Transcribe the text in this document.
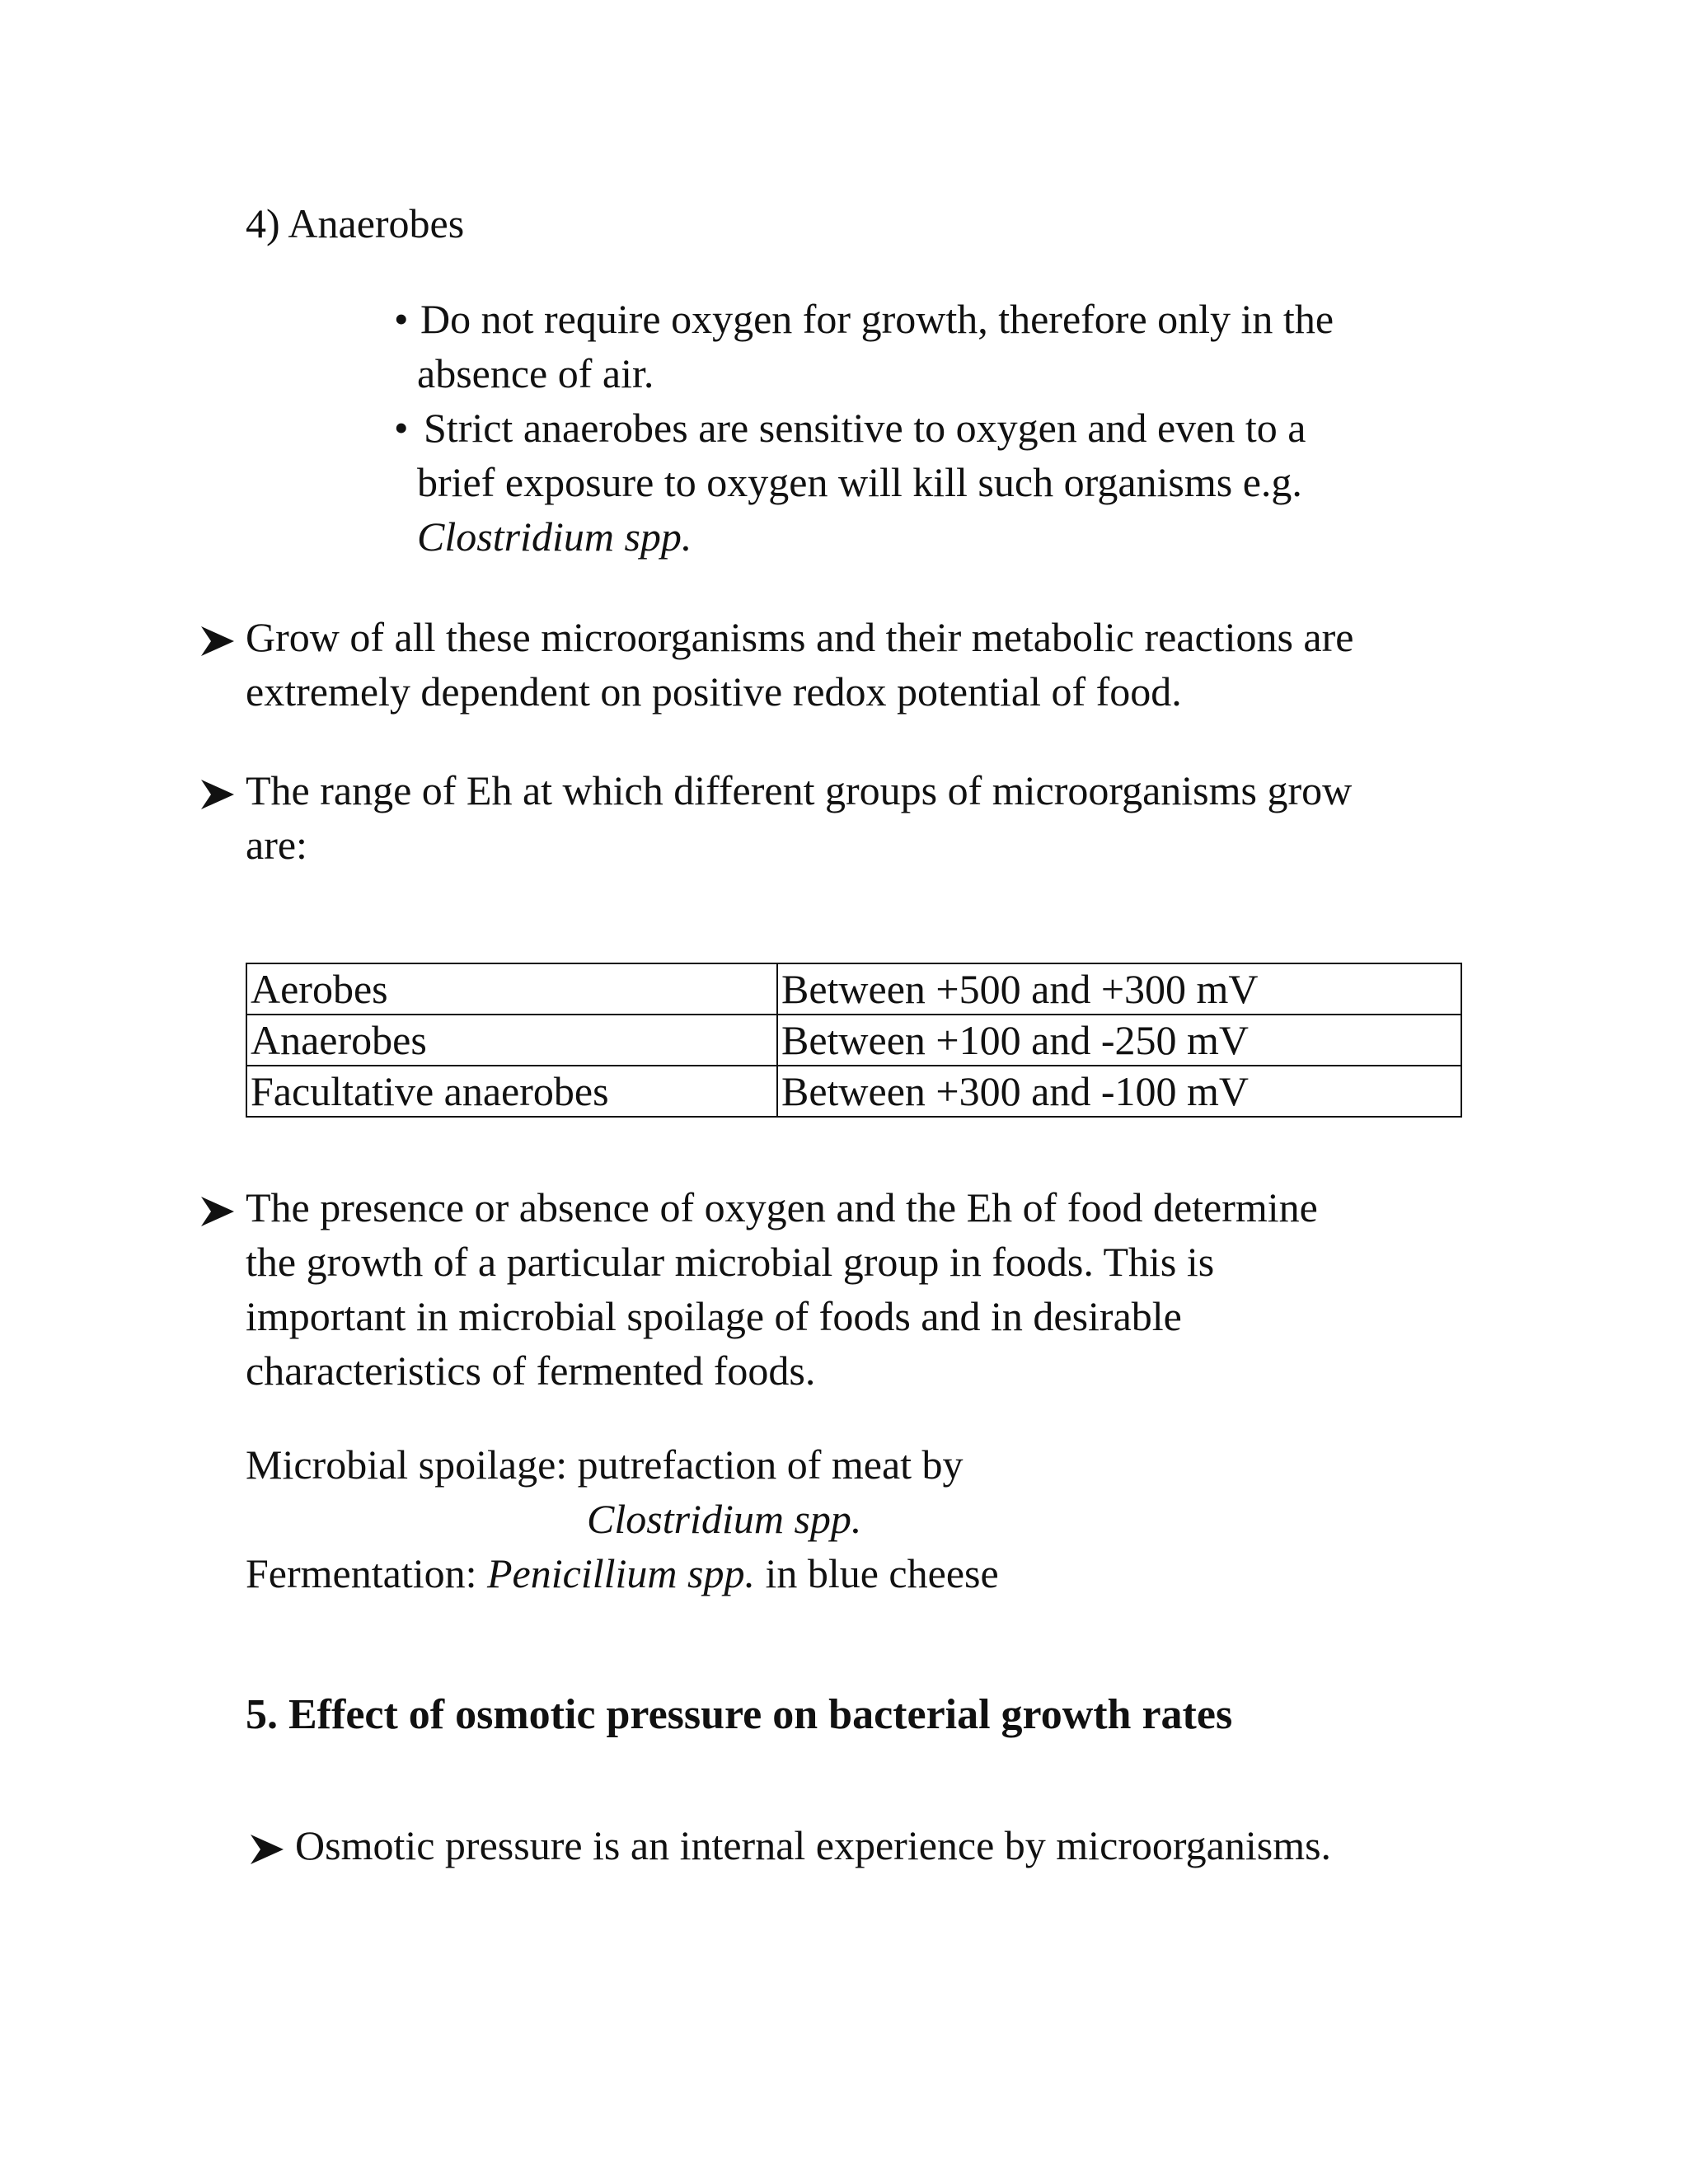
4) Anaerobes
• Do not require oxygen for growth, therefore only in the
absence of air.
• Strict anaerobes are sensitive to oxygen and even to a
brief exposure to oxygen will kill such organisms e.g.
Clostridium spp.
Grow of all these microorganisms and their metabolic reactions are
extremely dependent on positive redox potential of food.
The range of Eh at which different groups of microorganisms grow
are:
Aerobes	Between +500 and +300 mV
Anaerobes	Between +100 and -250 mV
Facultative anaerobes	Between +300 and -100 mV
The presence or absence of oxygen and the Eh of food determine
the growth of a particular microbial group in foods. This is
important in microbial spoilage of foods and in desirable
characteristics of fermented foods.
Microbial spoilage: putrefaction of meat by
Clostridium spp.
Fermentation: Penicillium spp. in blue cheese
5. Effect of osmotic pressure on bacterial growth rates
Osmotic pressure is an internal experience by microorganisms.
